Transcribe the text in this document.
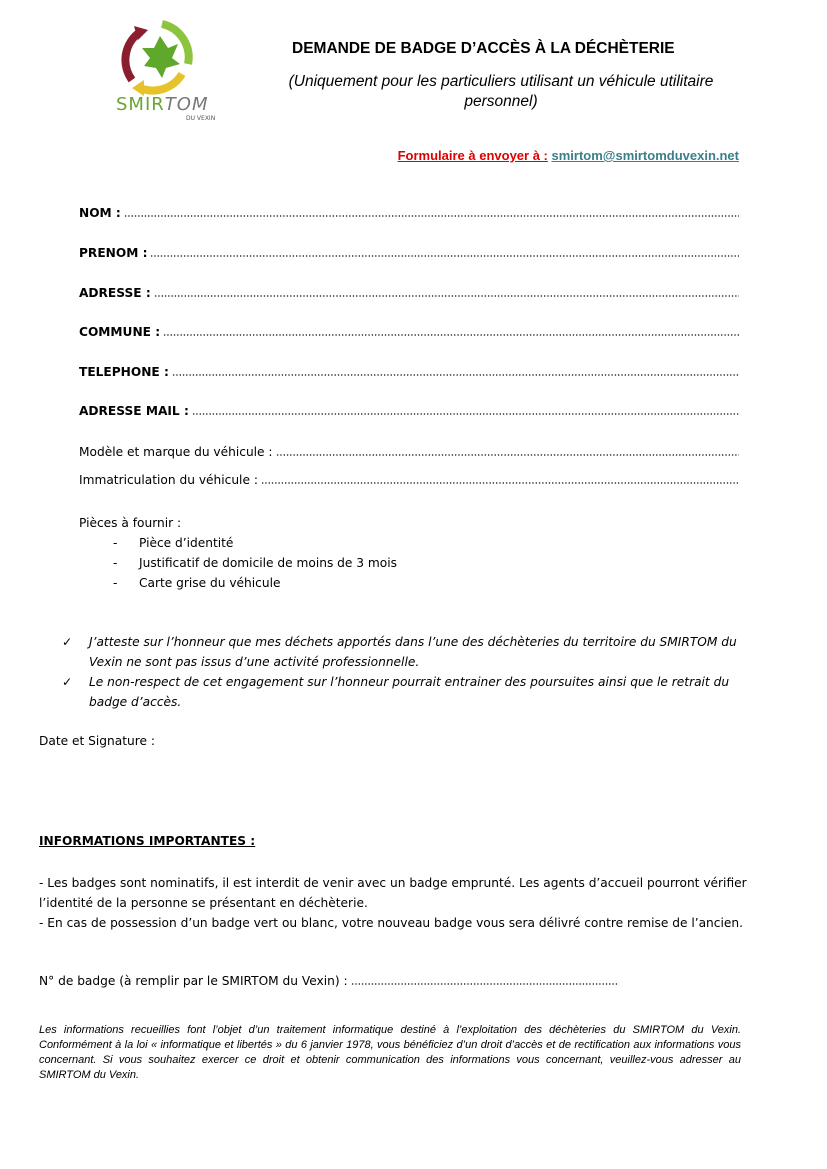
SMIRTOM
DU VEXIN
DEMANDE DE BADGE D’ACCÈS À LA DÉCHÈTERIE
(Uniquement pour les particuliers utilisant un véhicule utilitaire personnel)
Formulaire à envoyer à : smirtom@smirtomduvexin.net
NOM :
PRENOM :
ADRESSE :
COMMUNE :
TELEPHONE :
ADRESSE MAIL :
Modèle et marque du véhicule :
Immatriculation du véhicule :
Pièces à fournir :
- Pièce d’identité
- Justificatif de domicile de moins de 3 mois
- Carte grise du véhicule
✓	J’atteste sur l’honneur que mes déchets apportés dans l’une des déchèteries du territoire du SMIRTOM du Vexin ne sont pas issus d’une activité professionnelle.
✓	Le non-respect de cet engagement sur l’honneur pourrait entrainer des poursuites ainsi que le retrait du badge d’accès.
Date et Signature :
INFORMATIONS IMPORTANTES :
- Les badges sont nominatifs, il est interdit de venir avec un badge emprunté. Les agents d’accueil pourront vérifier l’identité de la personne se présentant en déchèterie.
- En cas de possession d’un badge vert ou blanc, votre nouveau badge vous sera délivré contre remise de l’ancien.
N° de badge (à remplir par le SMIRTOM du Vexin) :
Les informations recueillies font l’objet d’un traitement informatique destiné à l’exploitation des déchèteries du SMIRTOM du Vexin. Conformément à la loi « informatique et libertés » du 6 janvier 1978, vous bénéficiez d’un droit d’accès et de rectification aux informations vous concernant. Si vous souhaitez exercer ce droit et obtenir communication des informations vous concernant, veuillez-vous adresser au SMIRTOM du Vexin.
